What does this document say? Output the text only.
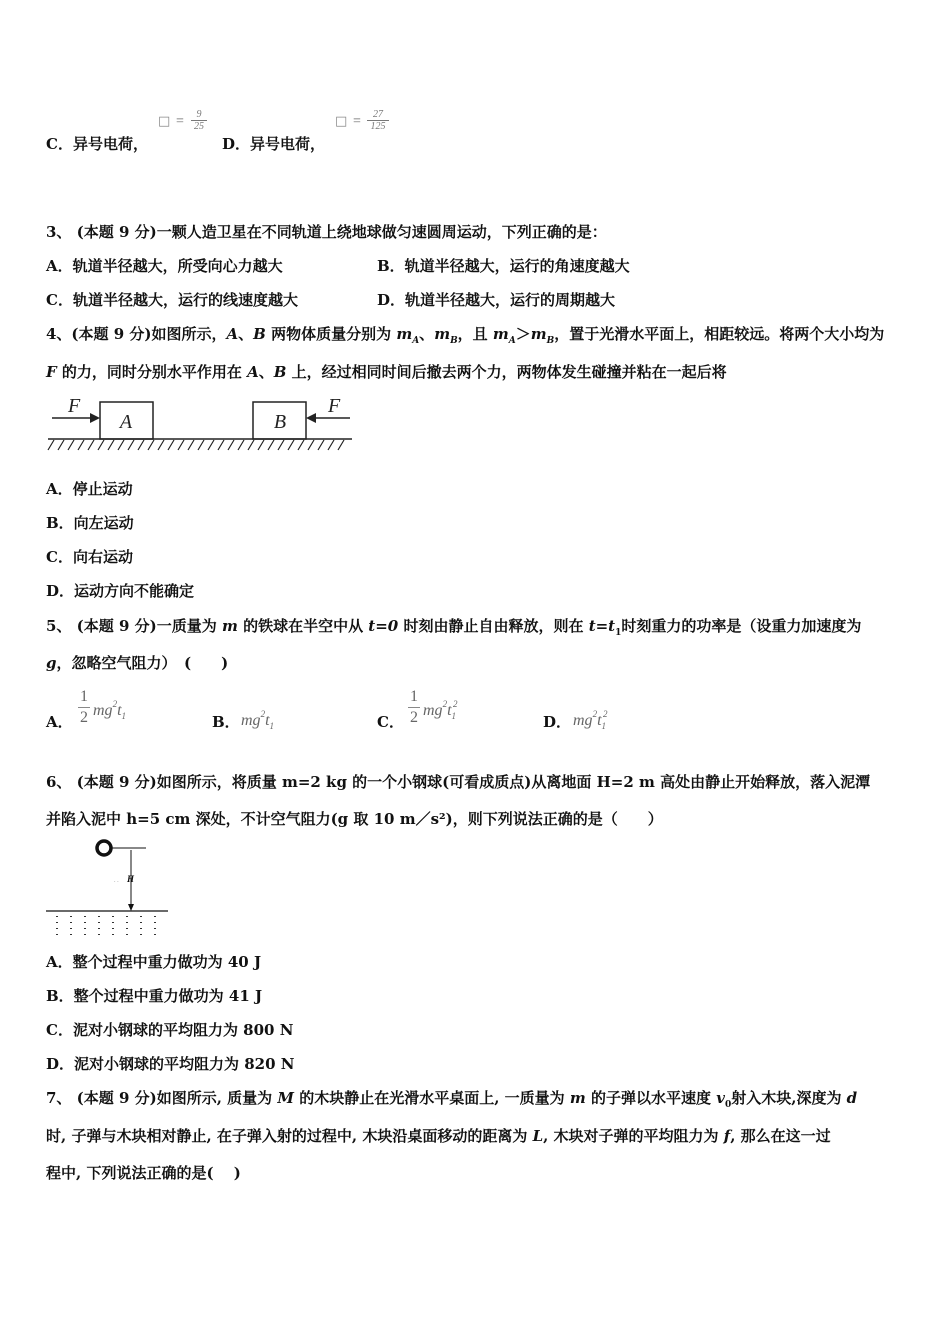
C．异号电荷，
□ = $\frac{9}{25}$
D．异号电荷，
□ = $\frac{27}{125}$
3、 (本题 9 分)一颗人造卫星在不同轨道上绕地球做匀速圆周运动，下列正确的是：
A．轨道半径越大，所受向心力越大	B．轨道半径越大，运行的角速度越大
C．轨道半径越大，运行的线速度越大	D．轨道半径越大，运行的周期越大
4、(本题 9 分)如图所示，A、B 两物体质量分别为 $m_A$、$m_B$，且 $m_A>m_B$，置于光滑水平面上，相距较远。将两个大小均为
F 的力，同时分别水平作用在 A、B 上，经过相同时间后撤去两个力，两物体发生碰撞并粘在一起后将
F
A	B
F
A．停止运动
B．向左运动
C．向右运动
D．运动方向不能确定
5、 (本题 9 分)一质量为 m 的铁球在半空中从 t=0 时刻由静止自由释放，则在 $t=t_1$时刻重力的功率是（设重力加速度为
g，忽略空气阻力）　(　　)
A．
1
2 $mg^2t_1$	B． $mg^2t_1$	C．
1
2 $mg^2t_1^2$
D． $mg^2t_1^2$
6、 (本题 9 分)如图所示，将质量 m=2 kg 的一个小钢球(可看成质点)从离地面 H=2 m 高处由静止开始释放，落入泥潭
并陷入泥中 h=5 cm 深处，不计空气阻力(g 取 10 m／s²)，则下列说法正确的是（　　）
. . H
A．整个过程中重力做功为 40 J
B．整个过程中重力做功为 41 J
C．泥对小钢球的平均阻力为 800 N
D．泥对小钢球的平均阻力为 820 N
7、 (本题 9 分)如图所示, 质量为 M 的木块静止在光滑水平桌面上, 一质量为 m 的子弹以水平速度 $v_0$射入木块,深度为 d
时, 子弹与木块相对静止, 在子弹入射的过程中, 木块沿桌面移动的距离为 L, 木块对子弹的平均阻力为 f, 那么在这一过
程中, 下列说法正确的是(　 )
